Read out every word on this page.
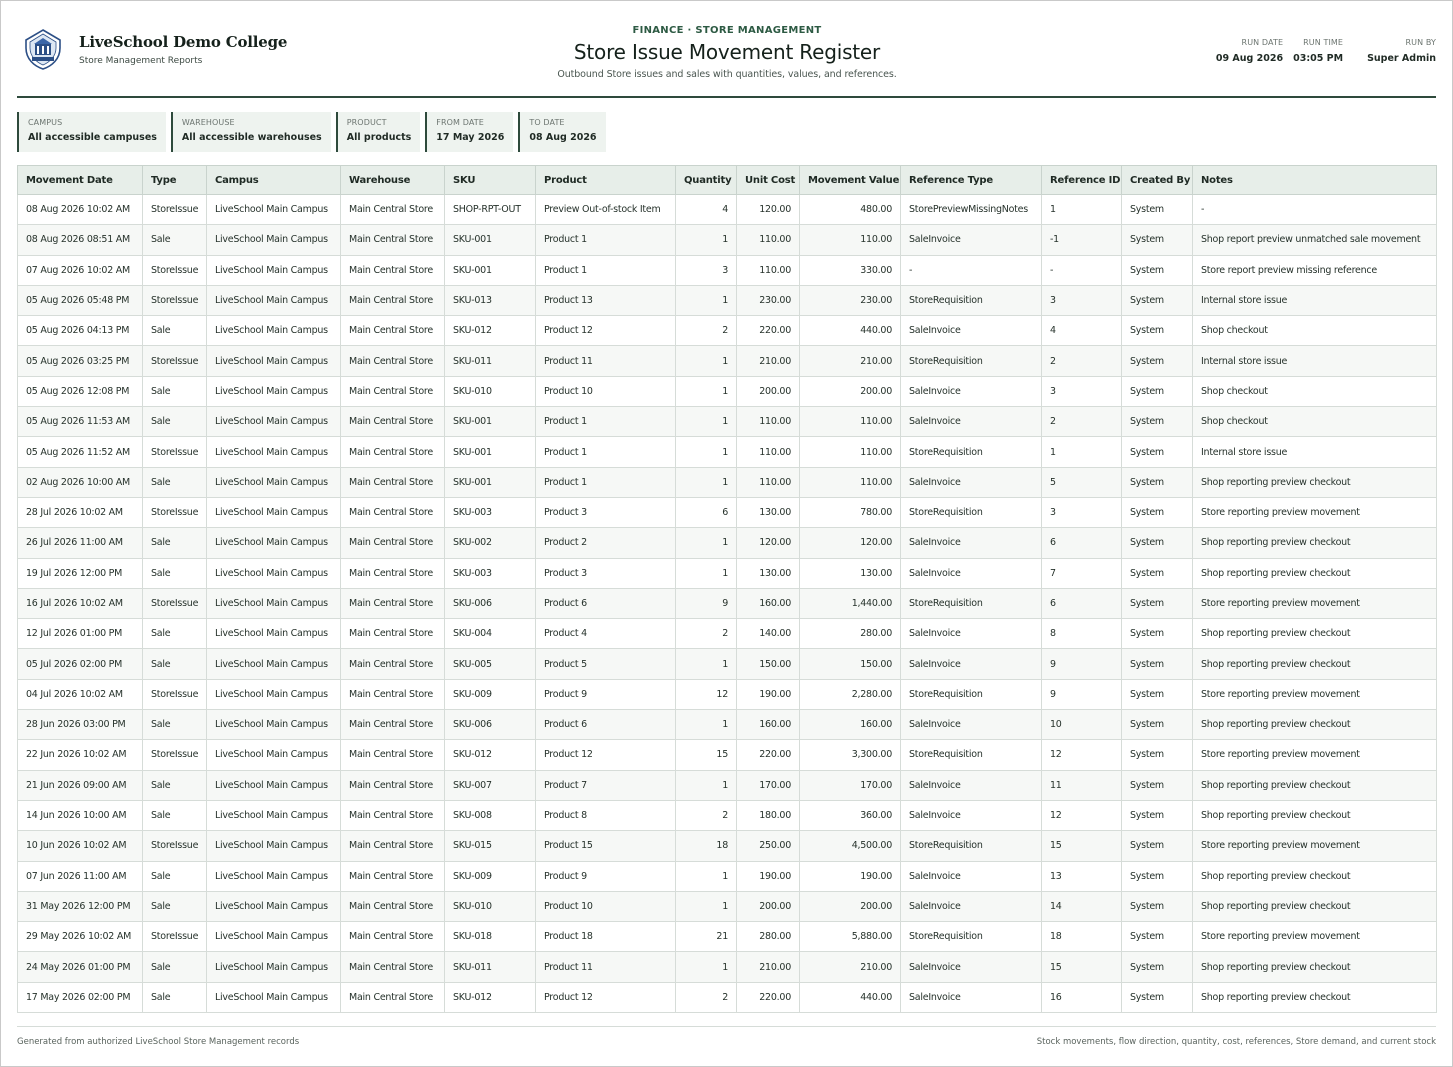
LiveSchool Demo College
Store Management Reports
FINANCE · STORE MANAGEMENT
Store Issue Movement Register
Outbound Store issues and sales with quantities, values, and references.
RUN DATE
09 Aug 2026
RUN TIME
03:05 PM
RUN BY
Super Admin
CAMPUS
All accessible campuses
WAREHOUSE
All accessible warehouses
PRODUCT
All products
FROM DATE
17 May 2026
TO DATE
08 Aug 2026
Movement Date	Type	Campus	Warehouse	SKU	Product	Quantity	Unit Cost	Movement Value	Reference Type	Reference ID	Created By	Notes
08 Aug 2026 10:02 AM	StoreIssue	LiveSchool Main Campus	Main Central Store	SHOP-RPT-OUT	Preview Out-of-stock Item	4	120.00	480.00	StorePreviewMissingNotes	1	System	-
08 Aug 2026 08:51 AM	Sale	LiveSchool Main Campus	Main Central Store	SKU-001	Product 1	1	110.00	110.00	SaleInvoice	-1	System	Shop report preview unmatched sale movement
07 Aug 2026 10:02 AM	StoreIssue	LiveSchool Main Campus	Main Central Store	SKU-001	Product 1	3	110.00	330.00	-	-	System	Store report preview missing reference
05 Aug 2026 05:48 PM	StoreIssue	LiveSchool Main Campus	Main Central Store	SKU-013	Product 13	1	230.00	230.00	StoreRequisition	3	System	Internal store issue
05 Aug 2026 04:13 PM	Sale	LiveSchool Main Campus	Main Central Store	SKU-012	Product 12	2	220.00	440.00	SaleInvoice	4	System	Shop checkout
05 Aug 2026 03:25 PM	StoreIssue	LiveSchool Main Campus	Main Central Store	SKU-011	Product 11	1	210.00	210.00	StoreRequisition	2	System	Internal store issue
05 Aug 2026 12:08 PM	Sale	LiveSchool Main Campus	Main Central Store	SKU-010	Product 10	1	200.00	200.00	SaleInvoice	3	System	Shop checkout
05 Aug 2026 11:53 AM	Sale	LiveSchool Main Campus	Main Central Store	SKU-001	Product 1	1	110.00	110.00	SaleInvoice	2	System	Shop checkout
05 Aug 2026 11:52 AM	StoreIssue	LiveSchool Main Campus	Main Central Store	SKU-001	Product 1	1	110.00	110.00	StoreRequisition	1	System	Internal store issue
02 Aug 2026 10:00 AM	Sale	LiveSchool Main Campus	Main Central Store	SKU-001	Product 1	1	110.00	110.00	SaleInvoice	5	System	Shop reporting preview checkout
28 Jul 2026 10:02 AM	StoreIssue	LiveSchool Main Campus	Main Central Store	SKU-003	Product 3	6	130.00	780.00	StoreRequisition	3	System	Store reporting preview movement
26 Jul 2026 11:00 AM	Sale	LiveSchool Main Campus	Main Central Store	SKU-002	Product 2	1	120.00	120.00	SaleInvoice	6	System	Shop reporting preview checkout
19 Jul 2026 12:00 PM	Sale	LiveSchool Main Campus	Main Central Store	SKU-003	Product 3	1	130.00	130.00	SaleInvoice	7	System	Shop reporting preview checkout
16 Jul 2026 10:02 AM	StoreIssue	LiveSchool Main Campus	Main Central Store	SKU-006	Product 6	9	160.00	1,440.00	StoreRequisition	6	System	Store reporting preview movement
12 Jul 2026 01:00 PM	Sale	LiveSchool Main Campus	Main Central Store	SKU-004	Product 4	2	140.00	280.00	SaleInvoice	8	System	Shop reporting preview checkout
05 Jul 2026 02:00 PM	Sale	LiveSchool Main Campus	Main Central Store	SKU-005	Product 5	1	150.00	150.00	SaleInvoice	9	System	Shop reporting preview checkout
04 Jul 2026 10:02 AM	StoreIssue	LiveSchool Main Campus	Main Central Store	SKU-009	Product 9	12	190.00	2,280.00	StoreRequisition	9	System	Store reporting preview movement
28 Jun 2026 03:00 PM	Sale	LiveSchool Main Campus	Main Central Store	SKU-006	Product 6	1	160.00	160.00	SaleInvoice	10	System	Shop reporting preview checkout
22 Jun 2026 10:02 AM	StoreIssue	LiveSchool Main Campus	Main Central Store	SKU-012	Product 12	15	220.00	3,300.00	StoreRequisition	12	System	Store reporting preview movement
21 Jun 2026 09:00 AM	Sale	LiveSchool Main Campus	Main Central Store	SKU-007	Product 7	1	170.00	170.00	SaleInvoice	11	System	Shop reporting preview checkout
14 Jun 2026 10:00 AM	Sale	LiveSchool Main Campus	Main Central Store	SKU-008	Product 8	2	180.00	360.00	SaleInvoice	12	System	Shop reporting preview checkout
10 Jun 2026 10:02 AM	StoreIssue	LiveSchool Main Campus	Main Central Store	SKU-015	Product 15	18	250.00	4,500.00	StoreRequisition	15	System	Store reporting preview movement
07 Jun 2026 11:00 AM	Sale	LiveSchool Main Campus	Main Central Store	SKU-009	Product 9	1	190.00	190.00	SaleInvoice	13	System	Shop reporting preview checkout
31 May 2026 12:00 PM	Sale	LiveSchool Main Campus	Main Central Store	SKU-010	Product 10	1	200.00	200.00	SaleInvoice	14	System	Shop reporting preview checkout
29 May 2026 10:02 AM	StoreIssue	LiveSchool Main Campus	Main Central Store	SKU-018	Product 18	21	280.00	5,880.00	StoreRequisition	18	System	Store reporting preview movement
24 May 2026 01:00 PM	Sale	LiveSchool Main Campus	Main Central Store	SKU-011	Product 11	1	210.00	210.00	SaleInvoice	15	System	Shop reporting preview checkout
17 May 2026 02:00 PM	Sale	LiveSchool Main Campus	Main Central Store	SKU-012	Product 12	2	220.00	440.00	SaleInvoice	16	System	Shop reporting preview checkout
Generated from authorized LiveSchool Store Management records	Stock movements, flow direction, quantity, cost, references, Store demand, and current stock
